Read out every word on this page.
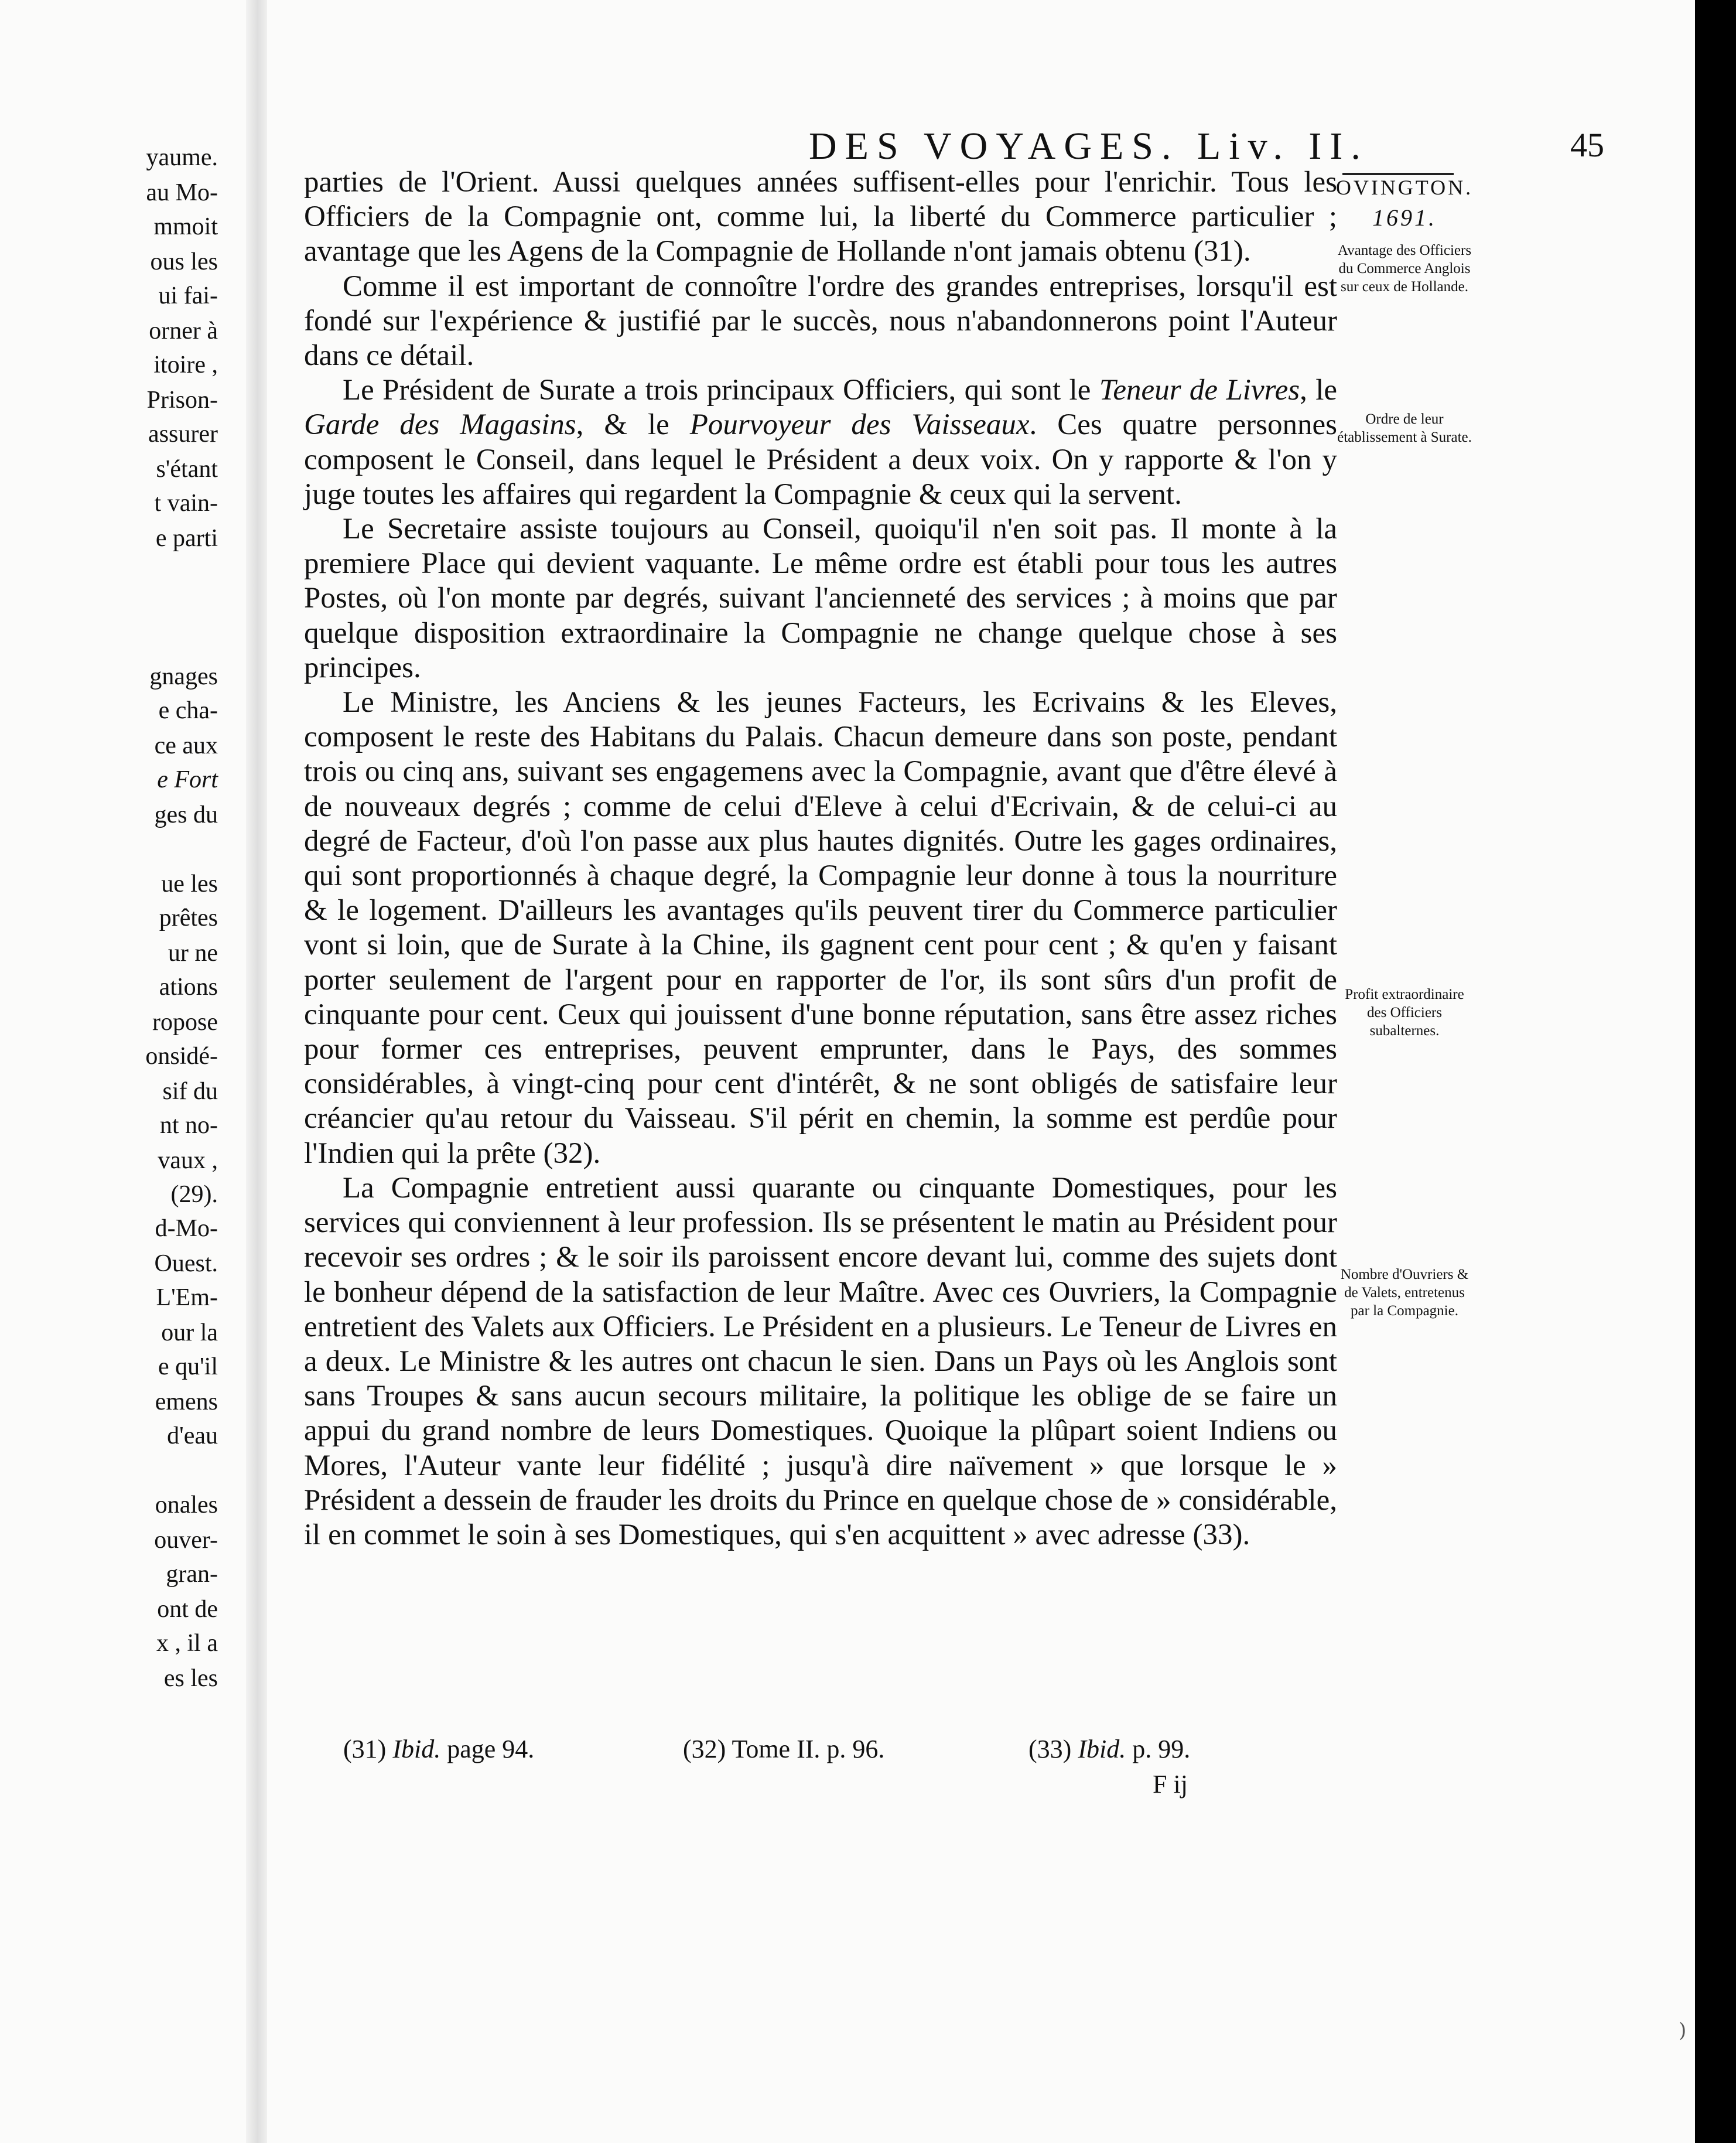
yaume.
au Mo-
mmoit
ous les
ui fai-
orner à
itoire ,
Prison-
assurer
s'étant
t vain-
e parti
gnages
e cha-
ce aux
e Fort
ges du
ue les
prêtes
ur ne
ations
ropose
onsidé-
sif du
nt no-
vaux ,
(29).
d-Mo-
Ouest.
L'Em-
our la
e qu'il
emens
d'eau
onales
ouver-
gran-
ont de
x , il a
es les
DES VOYAGES. Liv. II.	45

parties de l'Orient. Aussi quelques années suffisent-elles pour l'enrichir. Tous les Officiers de la Compagnie ont, comme lui, la liberté du Commerce particulier ; avantage que les Agens de la Compagnie de Hollande n'ont jamais obtenu (31).

Comme il est important de connoître l'ordre des grandes entreprises, lorsqu'il est fondé sur l'expérience & justifié par le succès, nous n'abandonnerons point l'Auteur dans ce détail.

Le Président de Surate a trois principaux Officiers, qui sont le Teneur de Livres, le Garde des Magasins, & le Pourvoyeur des Vaisseaux. Ces quatre personnes composent le Conseil, dans lequel le Président a deux voix. On y rapporte & l'on y juge toutes les affaires qui regardent la Compagnie & ceux qui la servent.

Le Secretaire assiste toujours au Conseil, quoiqu'il n'en soit pas. Il monte à la premiere Place qui devient vaquante. Le même ordre est établi pour tous les autres Postes, où l'on monte par degrés, suivant l'ancienneté des services ; à moins que par quelque disposition extraordinaire la Compagnie ne change quelque chose à ses principes.

Le Ministre, les Anciens & les jeunes Facteurs, les Ecrivains & les Eleves, composent le reste des Habitans du Palais. Chacun demeure dans son poste, pendant trois ou cinq ans, suivant ses engagemens avec la Compagnie, avant que d'être élevé à de nouveaux degrés ; comme de celui d'Eleve à celui d'Ecrivain, & de celui-ci au degré de Facteur, d'où l'on passe aux plus hautes dignités. Outre les gages ordinaires, qui sont proportionnés à chaque degré, la Compagnie leur donne à tous la nourriture & le logement. D'ailleurs les avantages qu'ils peuvent tirer du Commerce particulier vont si loin, que de Surate à la Chine, ils gagnent cent pour cent ; & qu'en y faisant porter seulement de l'argent pour en rapporter de l'or, ils sont sûrs d'un profit de cinquante pour cent. Ceux qui jouissent d'une bonne réputation, sans être assez riches pour former ces entreprises, peuvent emprunter, dans le Pays, des sommes considérables, à vingt-cinq pour cent d'intérêt, & ne sont obligés de satisfaire leur créancier qu'au retour du Vaisseau. S'il périt en chemin, la somme est perdûe pour l'Indien qui la prête (32).

La Compagnie entretient aussi quarante ou cinquante Domestiques, pour les services qui conviennent à leur profession. Ils se présentent le matin au Président pour recevoir ses ordres ; & le soir ils paroissent encore devant lui, comme des sujets dont le bonheur dépend de la satisfaction de leur Maître. Avec ces Ouvriers, la Compagnie entretient des Valets aux Officiers. Le Président en a plusieurs. Le Teneur de Livres en a deux. Le Ministre & les autres ont chacun le sien. Dans un Pays où les Anglois sont sans Troupes & sans aucun secours militaire, la politique les oblige de se faire un appui du grand nombre de leurs Domestiques. Quoique la plûpart soient Indiens ou Mores, l'Auteur vante leur fidélité ; jusqu'à dire naïvement » que lorsque le » Président a dessein de frauder les droits du Prince en quelque chose de » considérable, il en commet le soin à ses Domestiques, qui s'en acquittent » avec adresse (33).

OVINGTON.
1691.
Avantage des Officiers du Commerce Anglois sur ceux de Hollande.
Ordre de leur établissement à Surate.
Profit extraordinaire des Officiers subalternes.
Nombre d'Ouvriers & de Valets, entretenus par la Compagnie.
(31) Ibid. page 94.	(32) Tome II. p. 96.	(33) Ibid. p. 99.
F ij
)
